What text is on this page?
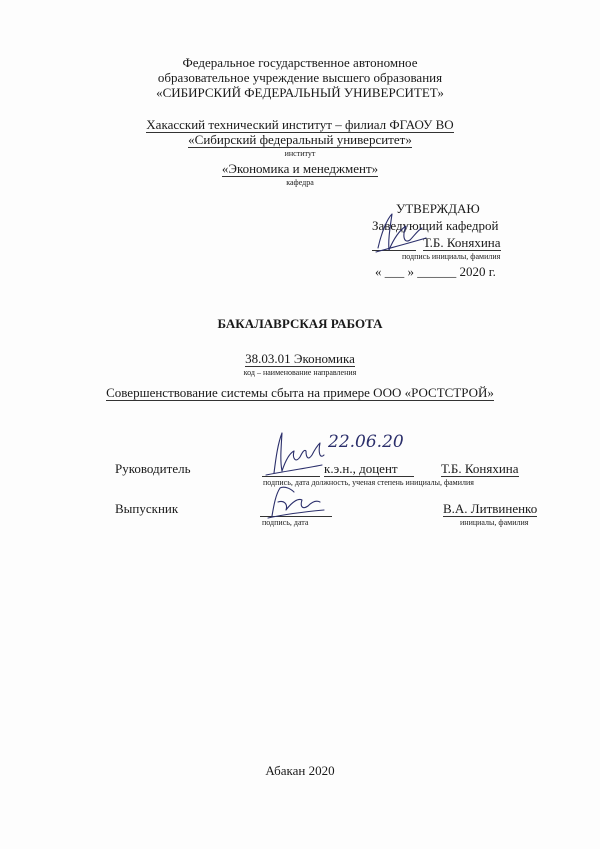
Федеральное государственное автономное
образовательное учреждение высшего образования
«СИБИРСКИЙ ФЕДЕРАЛЬНЫЙ УНИВЕРСИТЕТ»
Хакасский технический институт – филиал ФГАОУ ВО
«Сибирский федеральный университет»
институт
«Экономика и менеджмент»
кафедра
УТВЕРЖДАЮ
Заведующий кафедрой
Т.Б. Коняхина
подпись инициалы, фамилия
« ___ » ______ 2020 г.
БАКАЛАВРСКАЯ РАБОТА
38.03.01 Экономика
код – наименование направления
Совершенствование системы сбыта на примере ООО «РОСТСТРОЙ»
Руководитель	к.э.н., доцент	Т.Б. Коняхина
подпись, дата должность, ученая степень инициалы, фамилия
22.06.20
Выпускник	В.А. Литвиненко
подпись, дата	инициалы, фамилия
Абакан 2020
